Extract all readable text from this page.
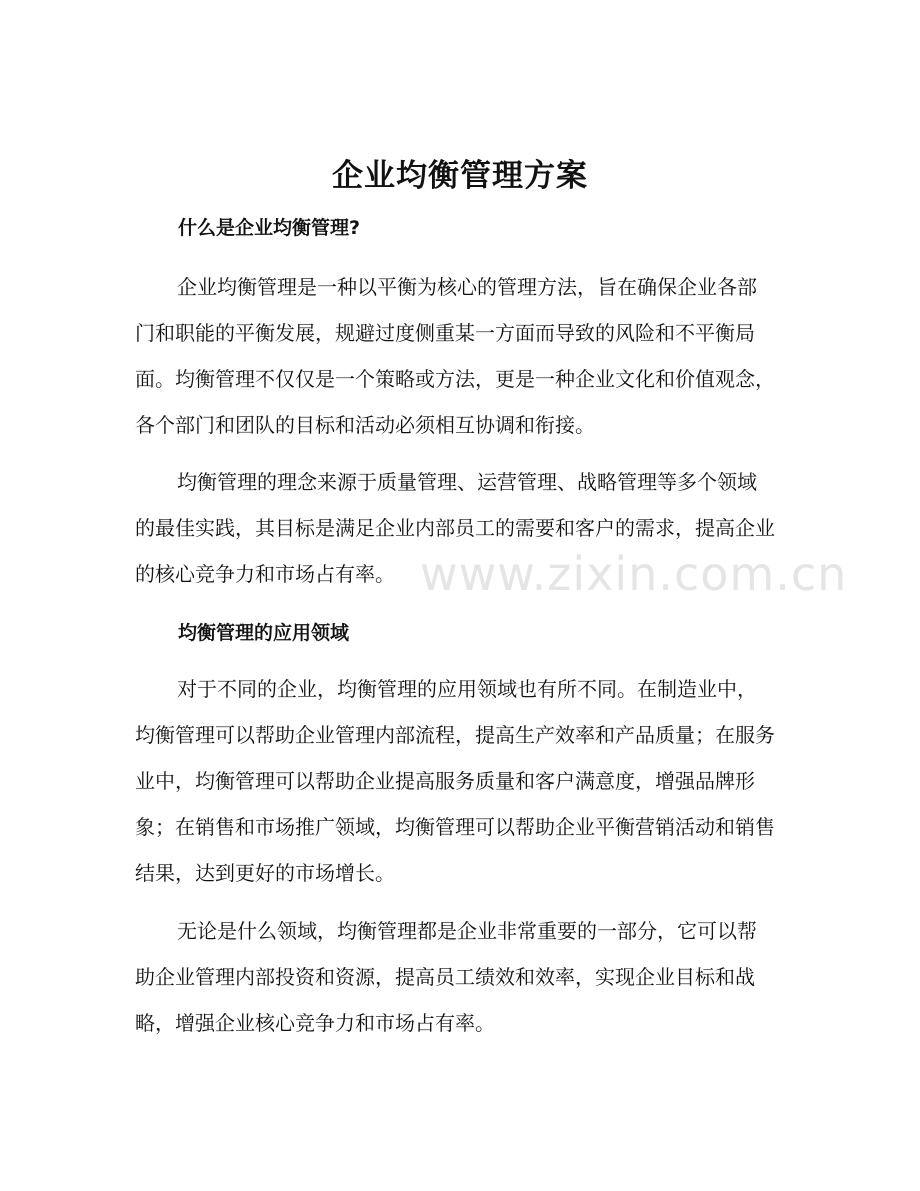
企业均衡管理方案
什么是企业均衡管理?

企业均衡管理是一种以平衡为核心的管理方法，旨在确保企业各部门和职能的平衡发展，规避过度侧重某一方面而导致的风险和不平衡局面。均衡管理不仅仅是一个策略或方法，更是一种企业文化和价值观念，各个部门和团队的目标和活动必须相互协调和衔接。

均衡管理的理念来源于质量管理、运营管理、战略管理等多个领域的最佳实践，其目标是满足企业内部员工的需要和客户的需求，提高企业的核心竞争力和市场占有率。

均衡管理的应用领域

对于不同的企业，均衡管理的应用领域也有所不同。在制造业中，均衡管理可以帮助企业管理内部流程，提高生产效率和产品质量；在服务业中，均衡管理可以帮助企业提高服务质量和客户满意度，增强品牌形象；在销售和市场推广领域，均衡管理可以帮助企业平衡营销活动和销售结果，达到更好的市场增长。

无论是什么领域，均衡管理都是企业非常重要的一部分，它可以帮助企业管理内部投资和资源，提高员工绩效和效率，实现企业目标和战略，增强企业核心竞争力和市场占有率。

www.zixin.com.cn
